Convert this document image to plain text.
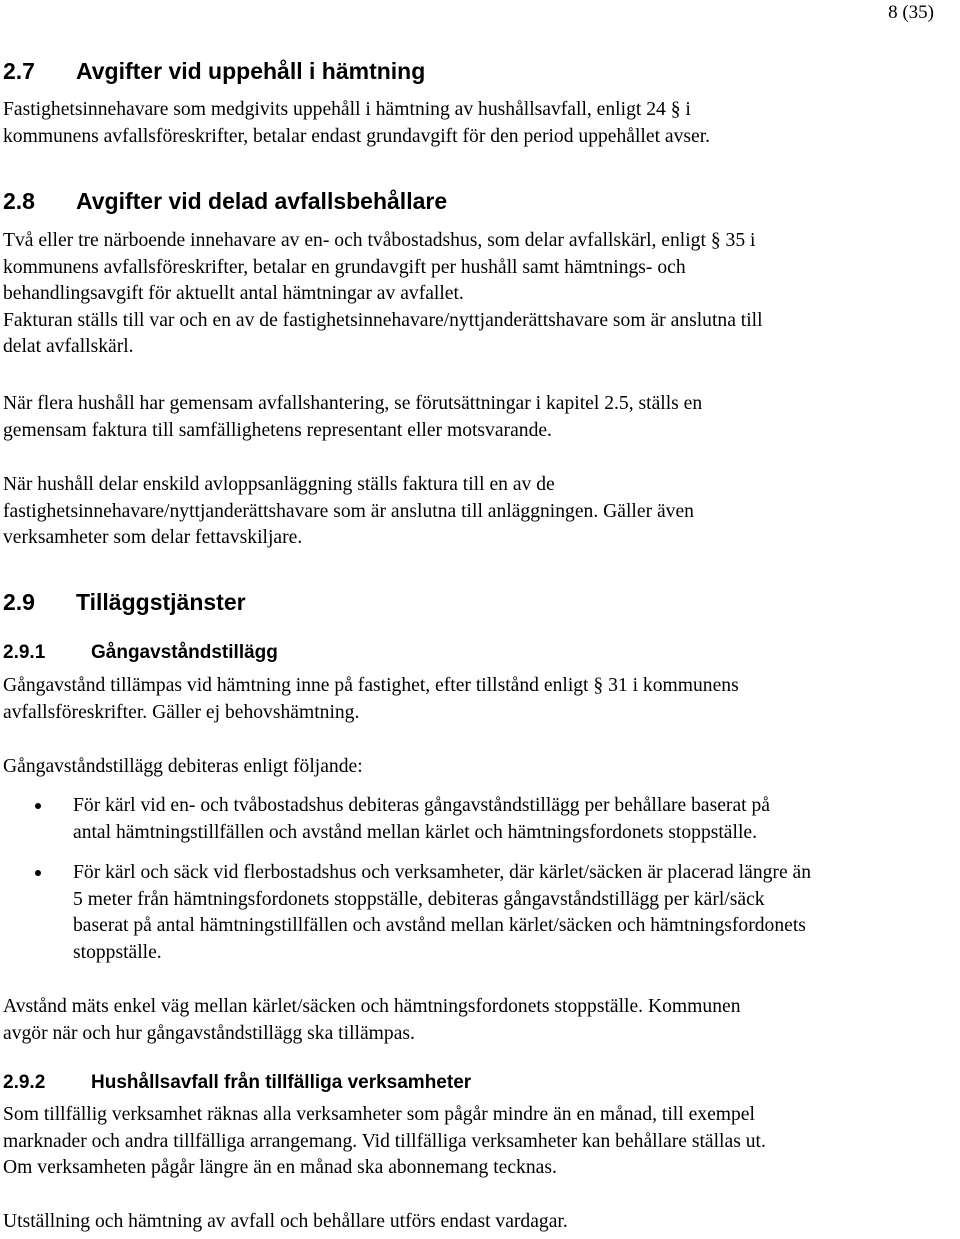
8 (35)
2.7 Avgifter vid uppehåll i hämtning
Fastighetsinnehavare som medgivits uppehåll i hämtning av hushållsavfall, enligt 24 § i
kommunens avfallsföreskrifter, betalar endast grundavgift för den period uppehållet avser.
2.8 Avgifter vid delad avfallsbehållare
Två eller tre närboende innehavare av en- och tvåbostadshus, som delar avfallskärl, enligt § 35 i
kommunens avfallsföreskrifter, betalar en grundavgift per hushåll samt hämtnings- och
behandlingsavgift för aktuellt antal hämtningar av avfallet.
Fakturan ställs till var och en av de fastighetsinnehavare/nyttjanderättshavare som är anslutna till
delat avfallskärl.
När flera hushåll har gemensam avfallshantering, se förutsättningar i kapitel 2.5, ställs en
gemensam faktura till samfällighetens representant eller motsvarande.
När hushåll delar enskild avloppsanläggning ställs faktura till en av de
fastighetsinnehavare/nyttjanderättshavare som är anslutna till anläggningen. Gäller även
verksamheter som delar fettavskiljare.
2.9 Tilläggstjänster
2.9.1 Gångavståndstillägg
Gångavstånd tillämpas vid hämtning inne på fastighet, efter tillstånd enligt § 31 i kommunens
avfallsföreskrifter. Gäller ej behovshämtning.
Gångavståndstillägg debiteras enligt följande:
För kärl vid en- och tvåbostadshus debiteras gångavståndstillägg per behållare baserat på
antal hämtningstillfällen och avstånd mellan kärlet och hämtningsfordonets stoppställe.
För kärl och säck vid flerbostadshus och verksamheter, där kärlet/säcken är placerad längre än
5 meter från hämtningsfordonets stoppställe, debiteras gångavståndstillägg per kärl/säck
baserat på antal hämtningstillfällen och avstånd mellan kärlet/säcken och hämtningsfordonets
stoppställe.
Avstånd mäts enkel väg mellan kärlet/säcken och hämtningsfordonets stoppställe. Kommunen
avgör när och hur gångavståndstillägg ska tillämpas.
2.9.2 Hushållsavfall från tillfälliga verksamheter
Som tillfällig verksamhet räknas alla verksamheter som pågår mindre än en månad, till exempel
marknader och andra tillfälliga arrangemang. Vid tillfälliga verksamheter kan behållare ställas ut.
Om verksamheten pågår längre än en månad ska abonnemang tecknas.
Utställning och hämtning av avfall och behållare utförs endast vardagar.
